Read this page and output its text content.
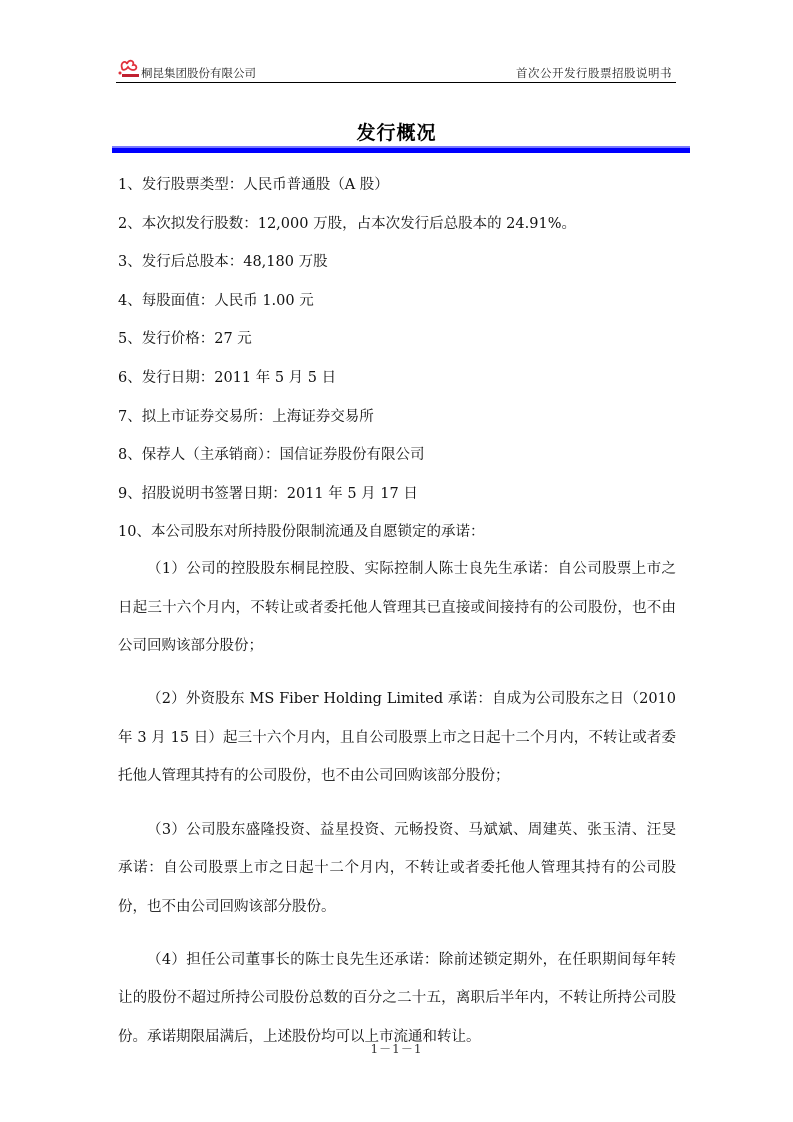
桐昆集团股份有限公司	首次公开发行股票招股说明书
发行概况
1、发行股票类型：人民币普通股（A 股）
2、本次拟发行股数：12,000 万股，占本次发行后总股本的 24.91%。
3、发行后总股本：48,180 万股
4、每股面值：人民币 1.00 元
5、发行价格：27 元
6、发行日期：2011 年 5 月 5 日
7、拟上市证券交易所：上海证券交易所
8、保荐人（主承销商）：国信证券股份有限公司
9、招股说明书签署日期：2011 年 5 月 17 日
10、本公司股东对所持股份限制流通及自愿锁定的承诺：

（1）公司的控股股东桐昆控股、实际控制人陈士良先生承诺：自公司股票上市之日起三十六个月内，不转让或者委托他人管理其已直接或间接持有的公司股份，也不由公司回购该部分股份；

（2）外资股东 MS Fiber Holding Limited 承诺：自成为公司股东之日（2010 年 3 月 15 日）起三十六个月内，且自公司股票上市之日起十二个月内，不转让或者委托他人管理其持有的公司股份，也不由公司回购该部分股份；

（3）公司股东盛隆投资、益星投资、元畅投资、马斌斌、周建英、张玉清、汪旻承诺：自公司股票上市之日起十二个月内，不转让或者委托他人管理其持有的公司股份，也不由公司回购该部分股份。

（4）担任公司董事长的陈士良先生还承诺：除前述锁定期外，在任职期间每年转让的股份不超过所持公司股份总数的百分之二十五，离职后半年内，不转让所持公司股份。承诺期限届满后，上述股份均可以上市流通和转让。

1－1－1
